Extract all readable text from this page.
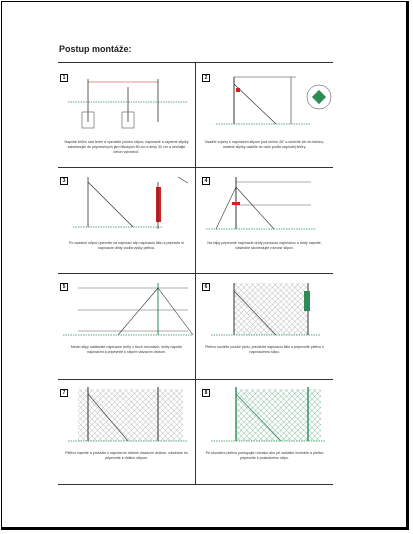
Postup montáže:
1
Napnite šňůru nad terén a vyznačte polohu stĺpov, napínacie a vzperné stĺpiky zabetónujte do pripravených jám hlbokých 80 cm a šírky 30 cm a nechajte betón vytvrdnúť.
2
Osaďte vzpery k napínacím stĺpom pod uhlom 45° a ukotvite ich do betónu, ostatné stĺpiky osaďte do radu podľa napnutej šňůry.
3
Po osadení stĺpov upevnite na napínací stĺp napínaciu lištu a pripravte si napínacie drôty podľa výšky pletiva.
4
Na stĺpy pripevnite napínacie drôty pomocou napínačov a drôty napnite, následne skontrolujte rovnosť stĺpov.
5
Medzi stĺpy natiahnite napínacie drôty v troch úrovniach, drôty napnite napínačmi a pripevnite k stĺpom viazacím drôtom.
6
Pletivo rozviňte pozdĺž plotu, prevlečte napínaciu lištu a pripevnite pletivo k napínaciemu stĺpu.
7
Pletivo napnite a priviažte k napínacím drôtom viazacím drôtom, následne ho pripevnite k ďalším stĺpom.
8
Pri ukončení pletiva postupujte rovnako ako pri začiatku montáže a pletivo pripevnite k poslednému stĺpu.
